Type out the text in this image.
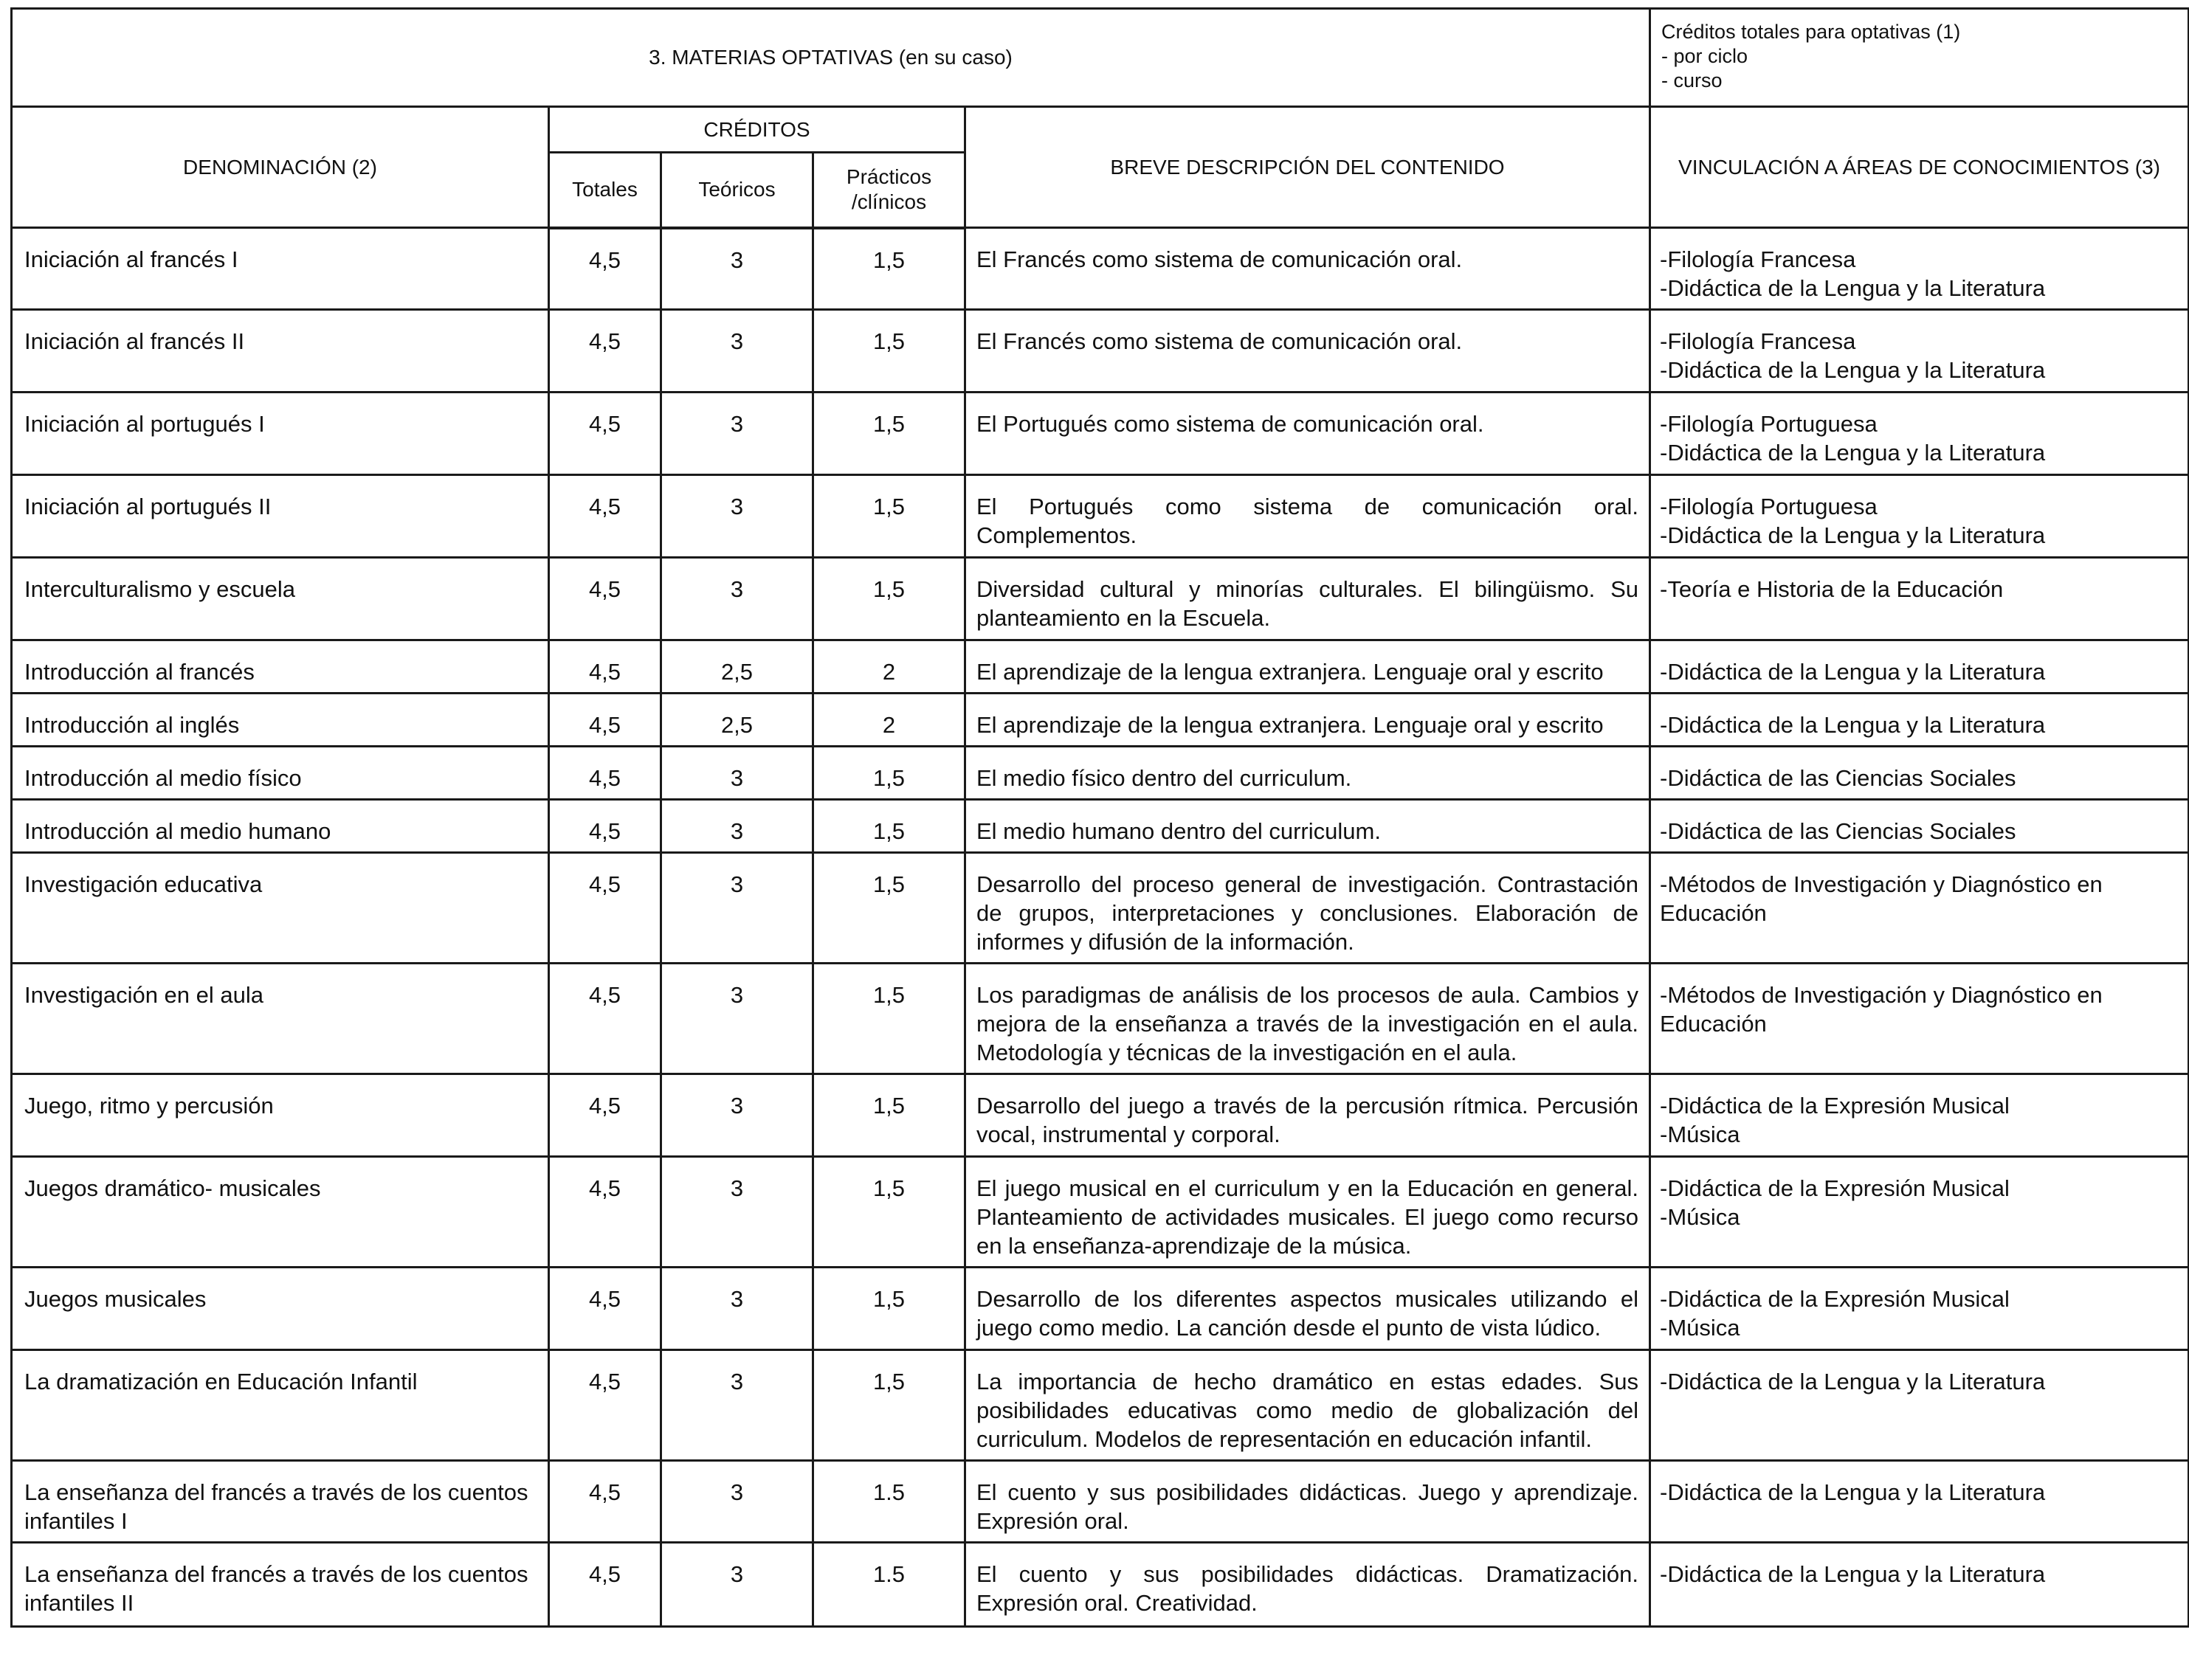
3. MATERIAS OPTATIVAS (en su caso)					Créditos totales para optativas (1)
- por ciclo
- curso

DENOMINACIÓN (2)	CRÉDITOS			BREVE DESCRIPCIÓN DEL CONTENIDO	VINCULACIÓN A ÁREAS DE CONOCIMIENTOS (3)
	Totales	Teóricos	Prácticos /clínicos		
Iniciación al francés I	4,5	3	1,5	El Francés como sistema de comunicación oral.	-Filología Francesa
-Didáctica de la Lengua y la Literatura

Iniciación al francés II	4,5	3	1,5	El Francés como sistema de comunicación oral.	-Filología Francesa
-Didáctica de la Lengua y la Literatura

Iniciación al portugués I	4,5	3	1,5	El Portugués como sistema de comunicación oral.	-Filología Portuguesa
-Didáctica de la Lengua y la Literatura

Iniciación al portugués II	4,5	3	1,5	El Portugués como sistema de comunicación oral. Complementos.	-Filología Portuguesa
-Didáctica de la Lengua y la Literatura

Interculturalismo y escuela	4,5	3	1,5	Diversidad cultural y minorías culturales. El bilingüismo. Su planteamiento en la Escuela.	-Teoría e Historia de la Educación

Introducción al francés	4,5	2,5	2	El aprendizaje de la lengua extranjera. Lenguaje oral y escrito	-Didáctica de la Lengua y la Literatura

Introducción al inglés	4,5	2,5	2	El aprendizaje de la lengua extranjera. Lenguaje oral y escrito	-Didáctica de la Lengua y la Literatura

Introducción al medio físico	4,5	3	1,5	El medio físico dentro del curriculum.	-Didáctica de las Ciencias Sociales

Introducción al medio humano	4,5	3	1,5	El medio humano dentro del curriculum.	-Didáctica de las Ciencias Sociales

Investigación educativa	4,5	3	1,5	Desarrollo del proceso general de investigación. Contrastación de grupos, interpretaciones y conclusiones. Elaboración de informes y difusión de la información.	-Métodos de Investigación y Diagnóstico en Educación

Investigación en el aula	4,5	3	1,5	Los paradigmas de análisis de los procesos de aula. Cambios y mejora de la enseñanza a través de la investigación en el aula. Metodología y técnicas de la investigación en el aula.	-Métodos de Investigación y Diagnóstico en Educación

Juego, ritmo y percusión	4,5	3	1,5	Desarrollo del juego a través de la percusión rítmica. Percusión vocal, instrumental y corporal.	-Didáctica de la Expresión Musical
-Música

Juegos dramático- musicales	4,5	3	1,5	El juego musical en el curriculum y en la Educación en general. Planteamiento de actividades musicales. El juego como recurso en la enseñanza-aprendizaje de la música.	-Didáctica de la Expresión Musical
-Música

Juegos musicales	4,5	3	1,5	Desarrollo de los diferentes aspectos musicales utilizando el juego como medio. La canción desde el punto de vista lúdico.	-Didáctica de la Expresión Musical
-Música

La dramatización en Educación Infantil	4,5	3	1,5	La importancia de hecho dramático en estas edades. Sus posibilidades educativas como medio de globalización del curriculum. Modelos de representación en educación infantil.	-Didáctica de la Lengua y la Literatura

La enseñanza del francés a través de los cuentos infantiles I	4,5	3	1.5	El cuento y sus posibilidades didácticas. Juego y aprendizaje. Expresión oral.	-Didáctica de la Lengua y la Literatura

La enseñanza del francés a través de los cuentos infantiles II	4,5	3	1.5	El cuento y sus posibilidades didácticas. Dramatización. Expresión oral. Creatividad.	-Didáctica de la Lengua y la Literatura
